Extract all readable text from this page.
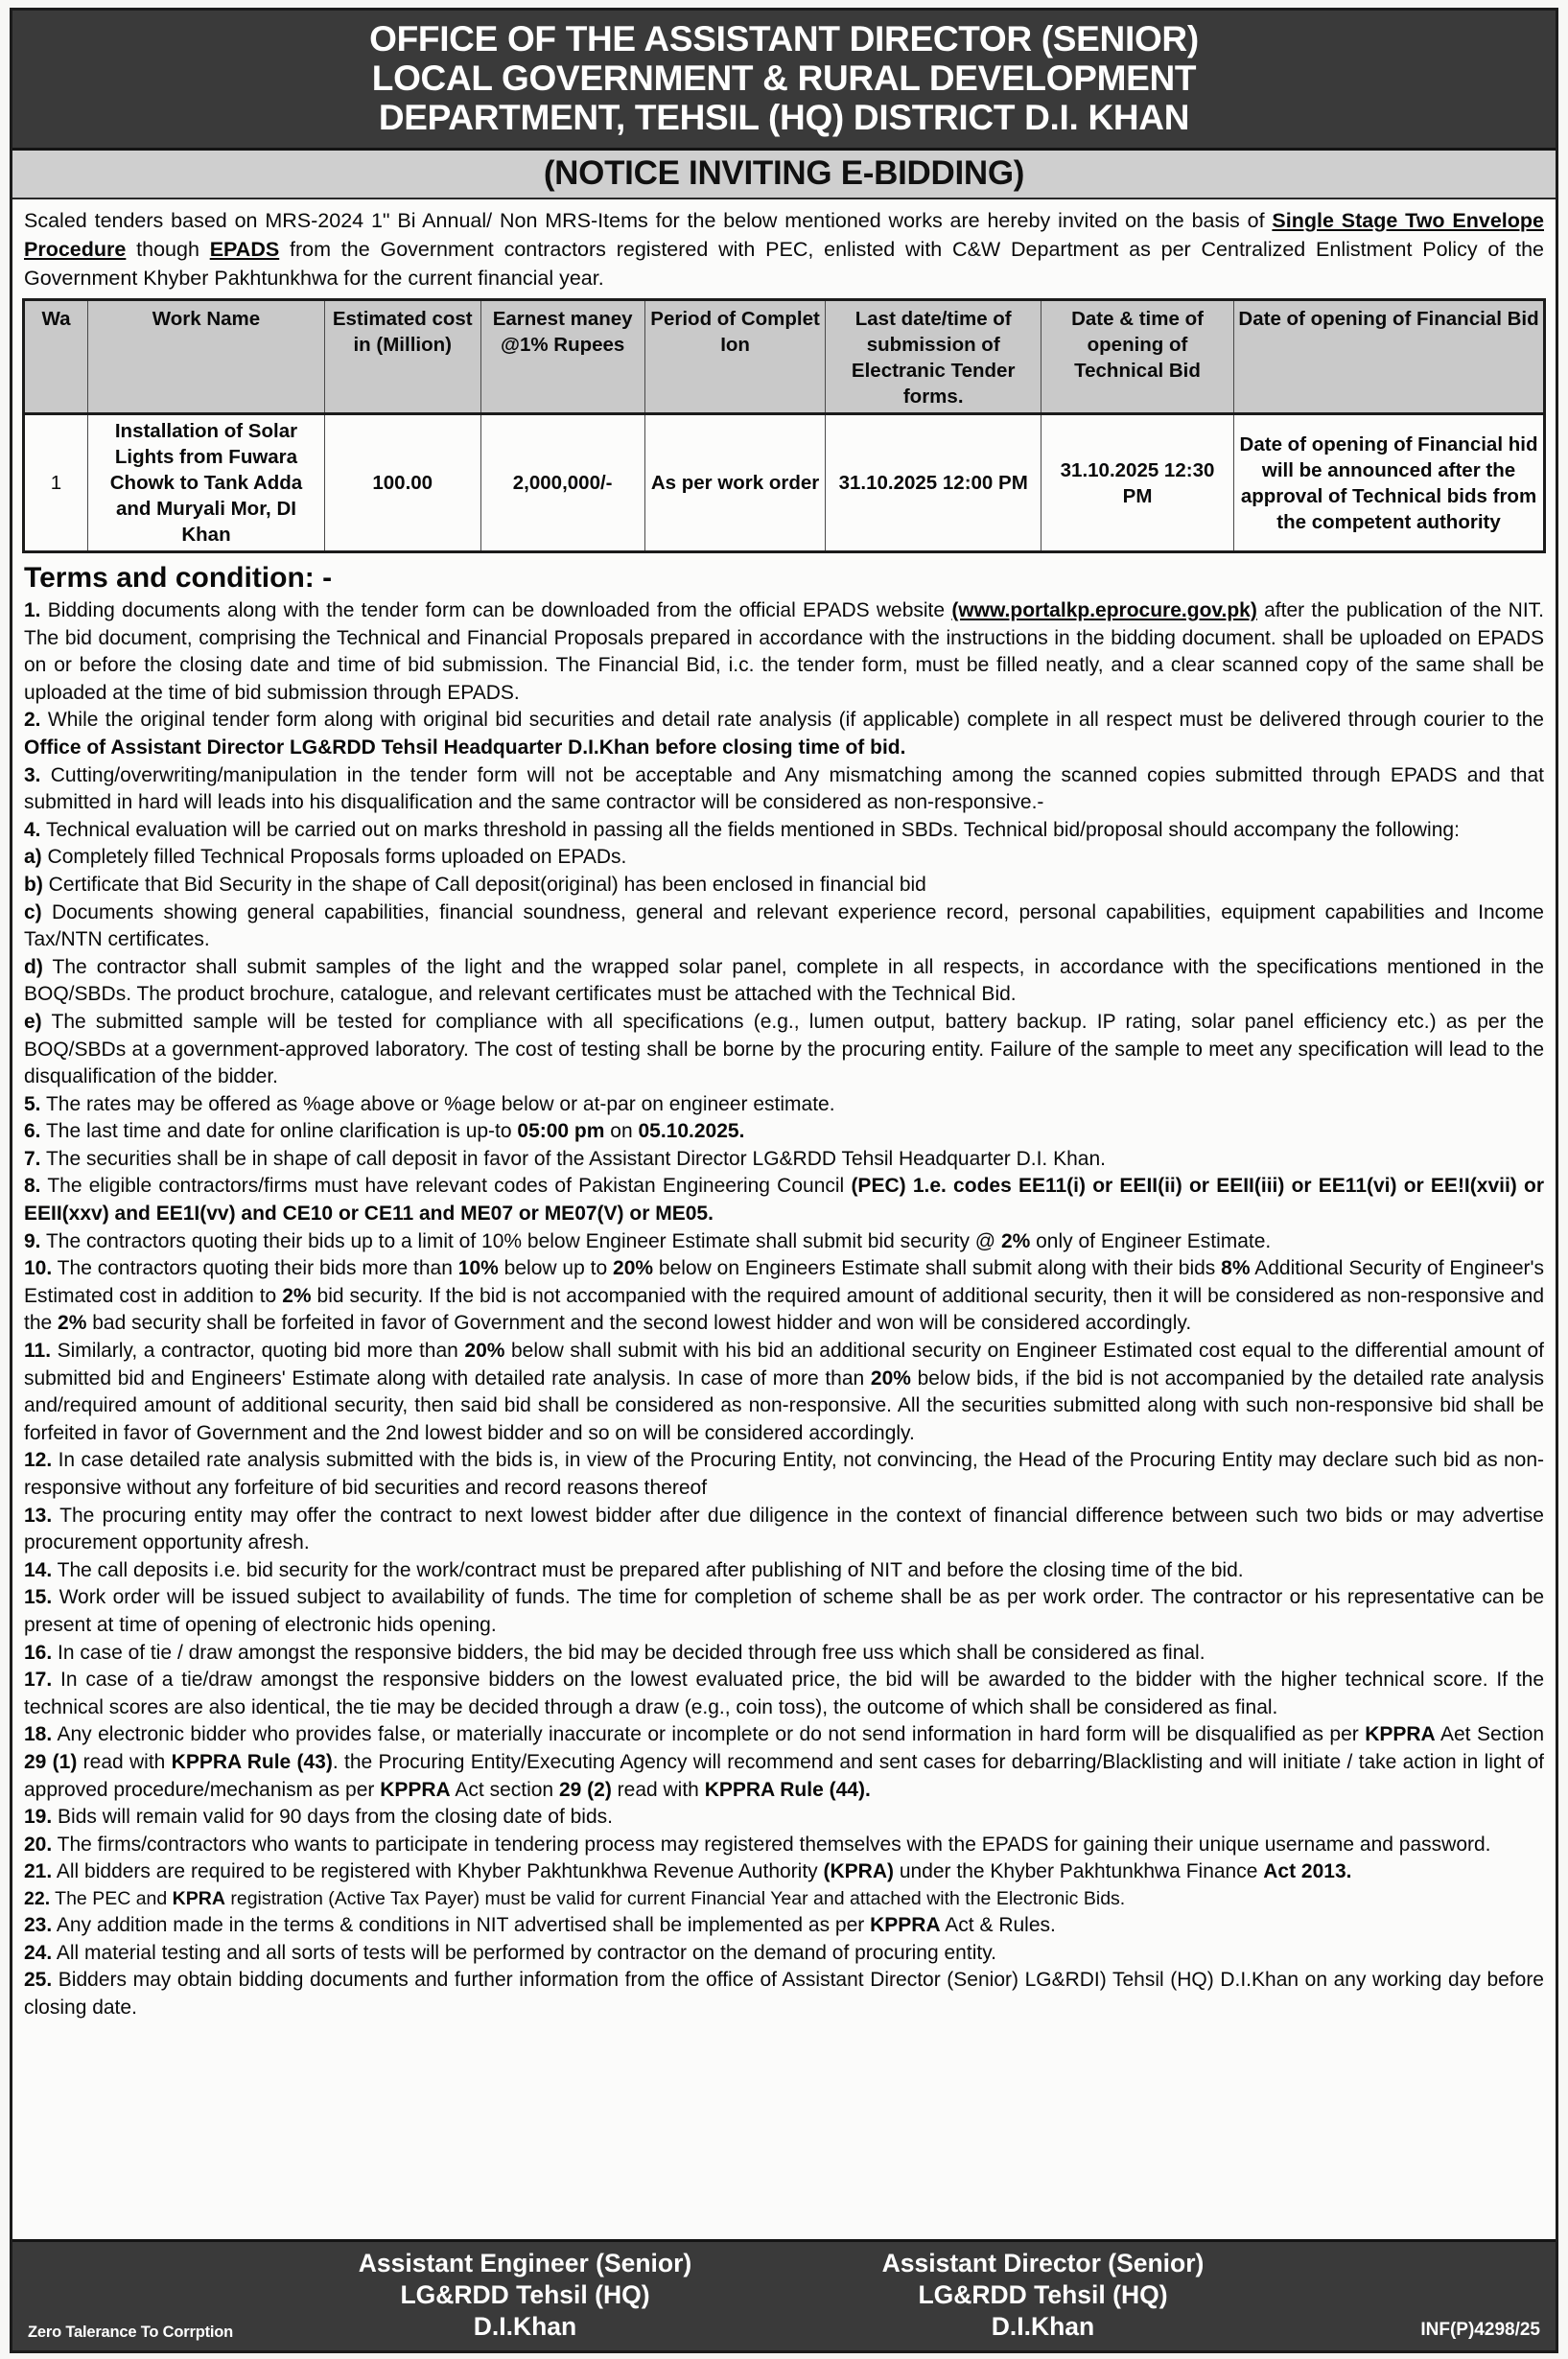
OFFICE OF THE ASSISTANT DIRECTOR (SENIOR)
LOCAL GOVERNMENT & RURAL DEVELOPMENT
DEPARTMENT, TEHSIL (HQ) DISTRICT D.I. KHAN
(NOTICE INVITING E-BIDDING)
Scaled tenders based on MRS-2024 1" Bi Annual/ Non MRS-Items for the below mentioned works are hereby invited on the basis of Single Stage Two Envelope Procedure though EPADS from the Government contractors registered with PEC, enlisted with C&W Department as per Centralized Enlistment Policy of the Government Khyber Pakhtunkhwa for the current financial year.
Wa	Work Name	Estimated cost in (Million)	Earnest maney @1% Rupees	Period of Complet Ion	Last date/time of submission of Electranic Tender forms.	Date & time of opening of Technical Bid	Date of opening of Financial Bid
1	Installation of Solar Lights from Fuwara Chowk to Tank Adda and Muryali Mor, DI Khan	100.00	2,000,000/-	As per work order	31.10.2025 12:00 PM	31.10.2025 12:30 PM	Date of opening of Financial hid will be announced after the approval of Technical bids from the competent authority
Terms and condition: -

1. Bidding documents along with the tender form can be downloaded from the official EPADS website (www.portalkp.eprocure.gov.pk) after the publication of the NIT. The bid document, comprising the Technical and Financial Proposals prepared in accordance with the instructions in the bidding document. shall be uploaded on EPADS on or before the closing date and time of bid submission. The Financial Bid, i.c. the tender form, must be filled neatly, and a clear scanned copy of the same shall be uploaded at the time of bid submission through EPADS.

2. While the original tender form along with original bid securities and detail rate analysis (if applicable) complete in all respect must be delivered through courier to the Office of Assistant Director LG&RDD Tehsil Headquarter D.I.Khan before closing time of bid.

3. Cutting/overwriting/manipulation in the tender form will not be acceptable and Any mismatching among the scanned copies submitted through EPADS and that submitted in hard will leads into his disqualification and the same contractor will be considered as non-responsive.-

4. Technical evaluation will be carried out on marks threshold in passing all the fields mentioned in SBDs. Technical bid/proposal should accompany the following:

a) Completely filled Technical Proposals forms uploaded on EPADs.

b) Certificate that Bid Security in the shape of Call deposit(original) has been enclosed in financial bid

c) Documents showing general capabilities, financial soundness, general and relevant experience record, personal capabilities, equipment capabilities and Income Tax/NTN certificates.

d) The contractor shall submit samples of the light and the wrapped solar panel, complete in all respects, in accordance with the specifications mentioned in the BOQ/SBDs. The product brochure, catalogue, and relevant certificates must be attached with the Technical Bid.

e) The submitted sample will be tested for compliance with all specifications (e.g., lumen output, battery backup. IP rating, solar panel efficiency etc.) as per the BOQ/SBDs at a government-approved laboratory. The cost of testing shall be borne by the procuring entity. Failure of the sample to meet any specification will lead to the disqualification of the bidder.

5. The rates may be offered as %age above or %age below or at-par on engineer estimate.

6. The last time and date for online clarification is up-to 05:00 pm on 05.10.2025.

7. The securities shall be in shape of call deposit in favor of the Assistant Director LG&RDD Tehsil Headquarter D.I. Khan.

8. The eligible contractors/firms must have relevant codes of Pakistan Engineering Council (PEC) 1.e. codes EE11(i) or EEII(ii) or EEII(iii) or EE11(vi) or EE!I(xvii) or EEII(xxv) and EE1I(vv) and CE10 or CE11 and ME07 or ME07(V) or ME05.

9. The contractors quoting their bids up to a limit of 10% below Engineer Estimate shall submit bid security @ 2% only of Engineer Estimate.

10. The contractors quoting their bids more than 10% below up to 20% below on Engineers Estimate shall submit along with their bids 8% Additional Security of Engineer's Estimated cost in addition to 2% bid security. If the bid is not accompanied with the required amount of additional security, then it will be considered as non-responsive and the 2% bad security shall be forfeited in favor of Government and the second lowest hidder and won will be considered accordingly.

11. Similarly, a contractor, quoting bid more than 20% below shall submit with his bid an additional security on Engineer Estimated cost equal to the differential amount of submitted bid and Engineers' Estimate along with detailed rate analysis. In case of more than 20% below bids, if the bid is not accompanied by the detailed rate analysis and/required amount of additional security, then said bid shall be considered as non-responsive. All the securities submitted along with such non-responsive bid shall be forfeited in favor of Government and the 2nd lowest bidder and so on will be considered accordingly.

12. In case detailed rate analysis submitted with the bids is, in view of the Procuring Entity, not convincing, the Head of the Procuring Entity may declare such bid as non-responsive without any forfeiture of bid securities and record reasons thereof

13. The procuring entity may offer the contract to next lowest bidder after due diligence in the context of financial difference between such two bids or may advertise procurement opportunity afresh.

14. The call deposits i.e. bid security for the work/contract must be prepared after publishing of NIT and before the closing time of the bid.

15. Work order will be issued subject to availability of funds. The time for completion of scheme shall be as per work order. The contractor or his representative can be present at time of opening of electronic hids opening.

16. In case of tie / draw amongst the responsive bidders, the bid may be decided through free uss which shall be considered as final.

17. In case of a tie/draw amongst the responsive bidders on the lowest evaluated price, the bid will be awarded to the bidder with the higher technical score. If the technical scores are also identical, the tie may be decided through a draw (e.g., coin toss), the outcome of which shall be considered as final.

18. Any electronic bidder who provides false, or materially inaccurate or incomplete or do not send information in hard form will be disqualified as per KPPRA Aet Section 29 (1) read with KPPRA Rule (43). the Procuring Entity/Executing Agency will recommend and sent cases for debarring/Blacklisting and will initiate / take action in light of approved procedure/mechanism as per KPPRA Act section 29 (2) read with KPPRA Rule (44).

19. Bids will remain valid for 90 days from the closing date of bids.

20. The firms/contractors who wants to participate in tendering process may registered themselves with the EPADS for gaining their unique username and password.

21. All bidders are required to be registered with Khyber Pakhtunkhwa Revenue Authority (KPRA) under the Khyber Pakhtunkhwa Finance Act 2013.

22. The PEC and KPRA registration (Active Tax Payer) must be valid for current Financial Year and attached with the Electronic Bids.

23. Any addition made in the terms & conditions in NIT advertised shall be implemented as per KPPRA Act & Rules.

24. All material testing and all sorts of tests will be performed by contractor on the demand of procuring entity.

25. Bidders may obtain bidding documents and further information from the office of Assistant Director (Senior) LG&RDI) Tehsil (HQ) D.I.Khan on any working day before closing date.

Assistant Engineer (Senior)
LG&RDD Tehsil (HQ)
D.I.Khan
Assistant Director (Senior)
LG&RDD Tehsil (HQ)
D.I.Khan
Zero Talerance To Corrption	INF(P)4298/25
